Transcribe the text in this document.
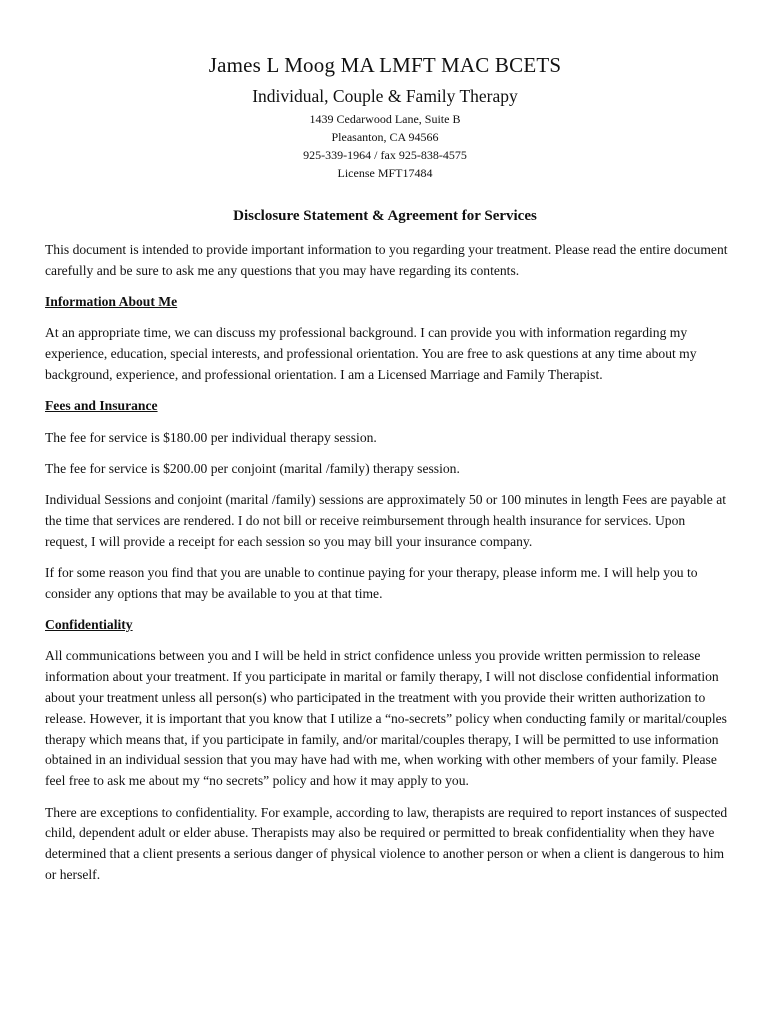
James L Moog MA LMFT MAC BCETS
Individual, Couple & Family Therapy
1439 Cedarwood Lane, Suite B
Pleasanton, CA 94566
925-339-1964 / fax 925-838-4575
License MFT17484
Disclosure Statement & Agreement for Services

This document is intended to provide important information to you regarding your treatment. Please read the entire document carefully and be sure to ask me any questions that you may have regarding its contents.

Information About Me

At an appropriate time, we can discuss my professional background. I can provide you with information regarding my experience, education, special interests, and professional orientation. You are free to ask questions at any time about my background, experience, and professional orientation. I am a Licensed Marriage and Family Therapist.

Fees and Insurance

The fee for service is $180.00 per individual therapy session.

The fee for service is $200.00 per conjoint (marital /family) therapy session.

Individual Sessions and conjoint (marital /family) sessions are approximately 50 or 100 minutes in length Fees are payable at the time that services are rendered. I do not bill or receive reimbursement through health insurance for services. Upon request, I will provide a receipt for each session so you may bill your insurance company.

If for some reason you find that you are unable to continue paying for your therapy, please inform me. I will help you to consider any options that may be available to you at that time.

Confidentiality

All communications between you and I will be held in strict confidence unless you provide written permission to release information about your treatment. If you participate in marital or family therapy, I will not disclose confidential information about your treatment unless all person(s) who participated in the treatment with you provide their written authorization to release. However, it is important that you know that I utilize a “no-secrets” policy when conducting family or marital/couples therapy which means that, if you participate in family, and/or marital/couples therapy, I will be permitted to use information obtained in an individual session that you may have had with me, when working with other members of your family. Please feel free to ask me about my “no secrets” policy and how it may apply to you.

There are exceptions to confidentiality. For example, according to law, therapists are required to report instances of suspected child, dependent adult or elder abuse. Therapists may also be required or permitted to break confidentiality when they have determined that a client presents a serious danger of physical violence to another person or when a client is dangerous to him or herself.
